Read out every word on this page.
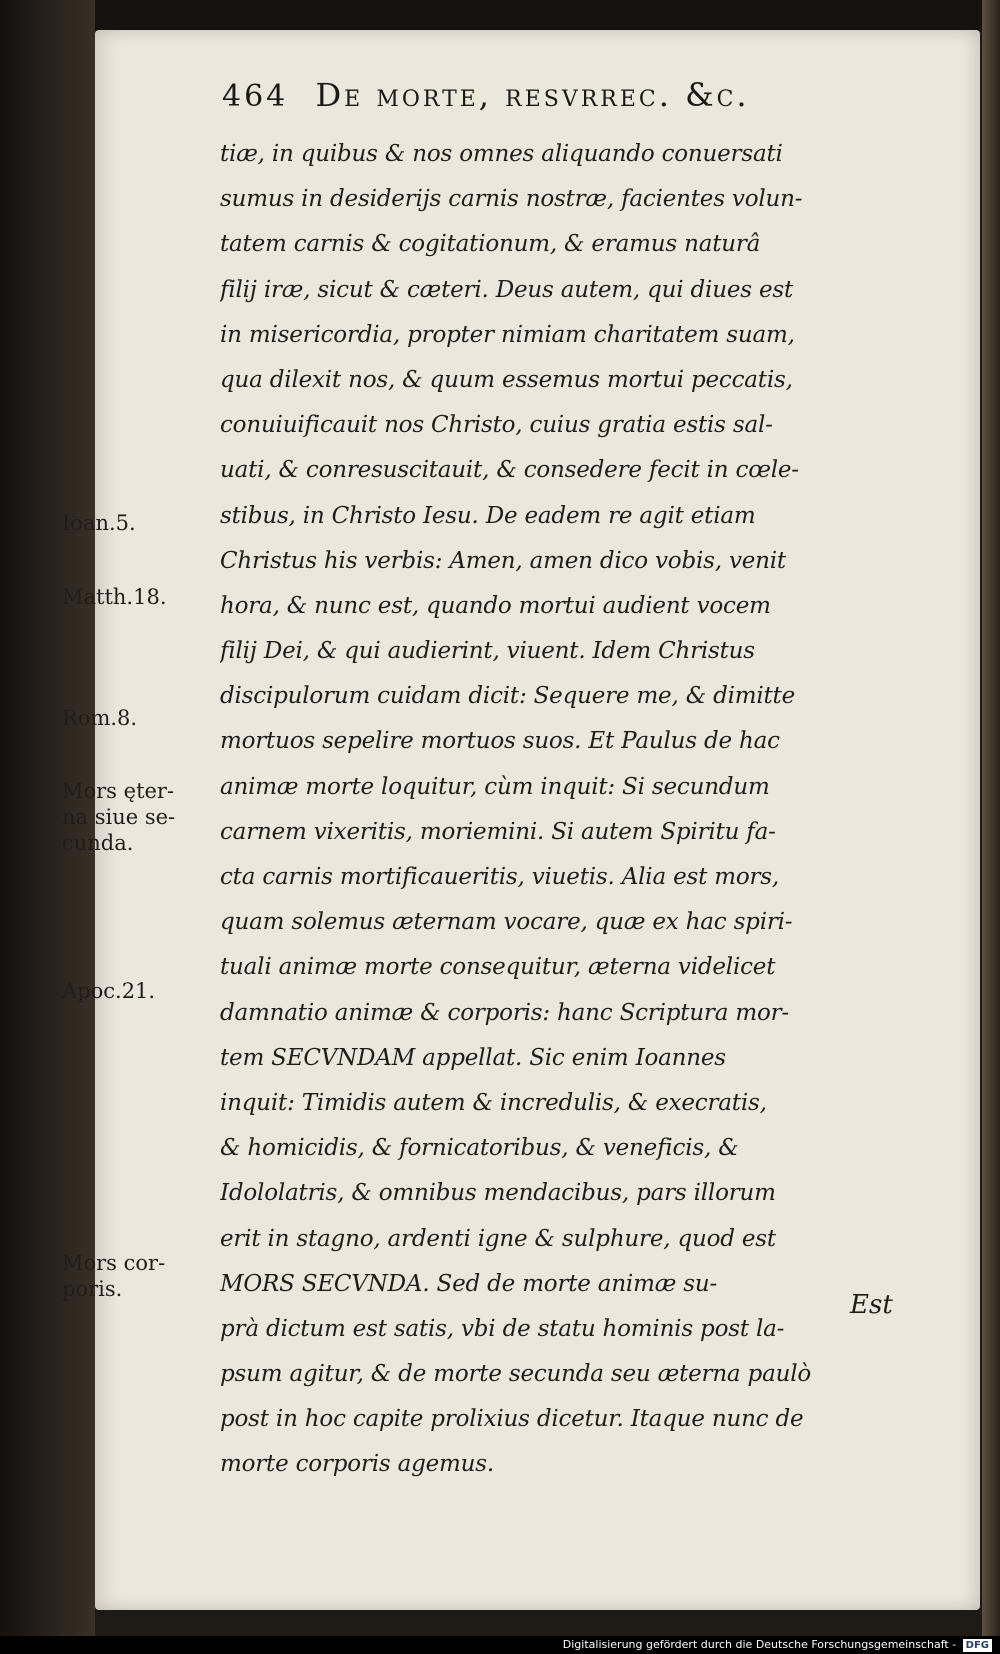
464 De morte, resvrrec. &c.
tiæ, in quibus & nos omnes aliquando conuersati
sumus in desiderijs carnis nostræ, facientes volun-
tatem carnis & cogitationum, & eramus naturâ
filij iræ, sicut & cæteri. Deus autem, qui diues est
in misericordia, propter nimiam charitatem suam,
qua dilexit nos, & quum essemus mortui peccatis,
conuiuificauit nos Christo, cuius gratia estis sal-
uati, & conresuscitauit, & consedere fecit in cœle-
stibus, in Christo Iesu. De eadem re agit etiam
Christus his verbis: Amen, amen dico vobis, venit
hora, & nunc est, quando mortui audient vocem
filij Dei, & qui audierint, viuent. Idem Christus
discipulorum cuidam dicit: Sequere me, & dimitte
mortuos sepelire mortuos suos. Et Paulus de hac
animæ morte loquitur, cùm inquit: Si secundum
carnem vixeritis, moriemini. Si autem Spiritu fa-
cta carnis mortificaueritis, viuetis. Alia est mors,
quam solemus æternam vocare, quæ ex hac spiri-
tuali animæ morte consequitur, æterna videlicet
damnatio animæ & corporis: hanc Scriptura mor-
tem SECVNDAM appellat. Sic enim Ioannes
inquit: Timidis autem & incredulis, & execratis,
& homicidis, & fornicatoribus, & veneficis, &
Idololatris, & omnibus mendacibus, pars illorum
erit in stagno, ardenti igne & sulphure, quod est
MORS SECVNDA. Sed de morte animæ su-
prà dictum est satis, vbi de statu hominis post la-
psum agitur, & de morte secunda seu æterna paulò
post in hoc capite prolixius dicetur. Itaque nunc de
morte corporis agemus.
Est
Ioan.5.
Matth.18.
Rom.8.
Mors ęter-na siue se-cunda.
Apoc.21.
Mors cor-poris.
Digitalisierung gefördert durch die Deutsche Forschungsgemeinschaft - DFG
